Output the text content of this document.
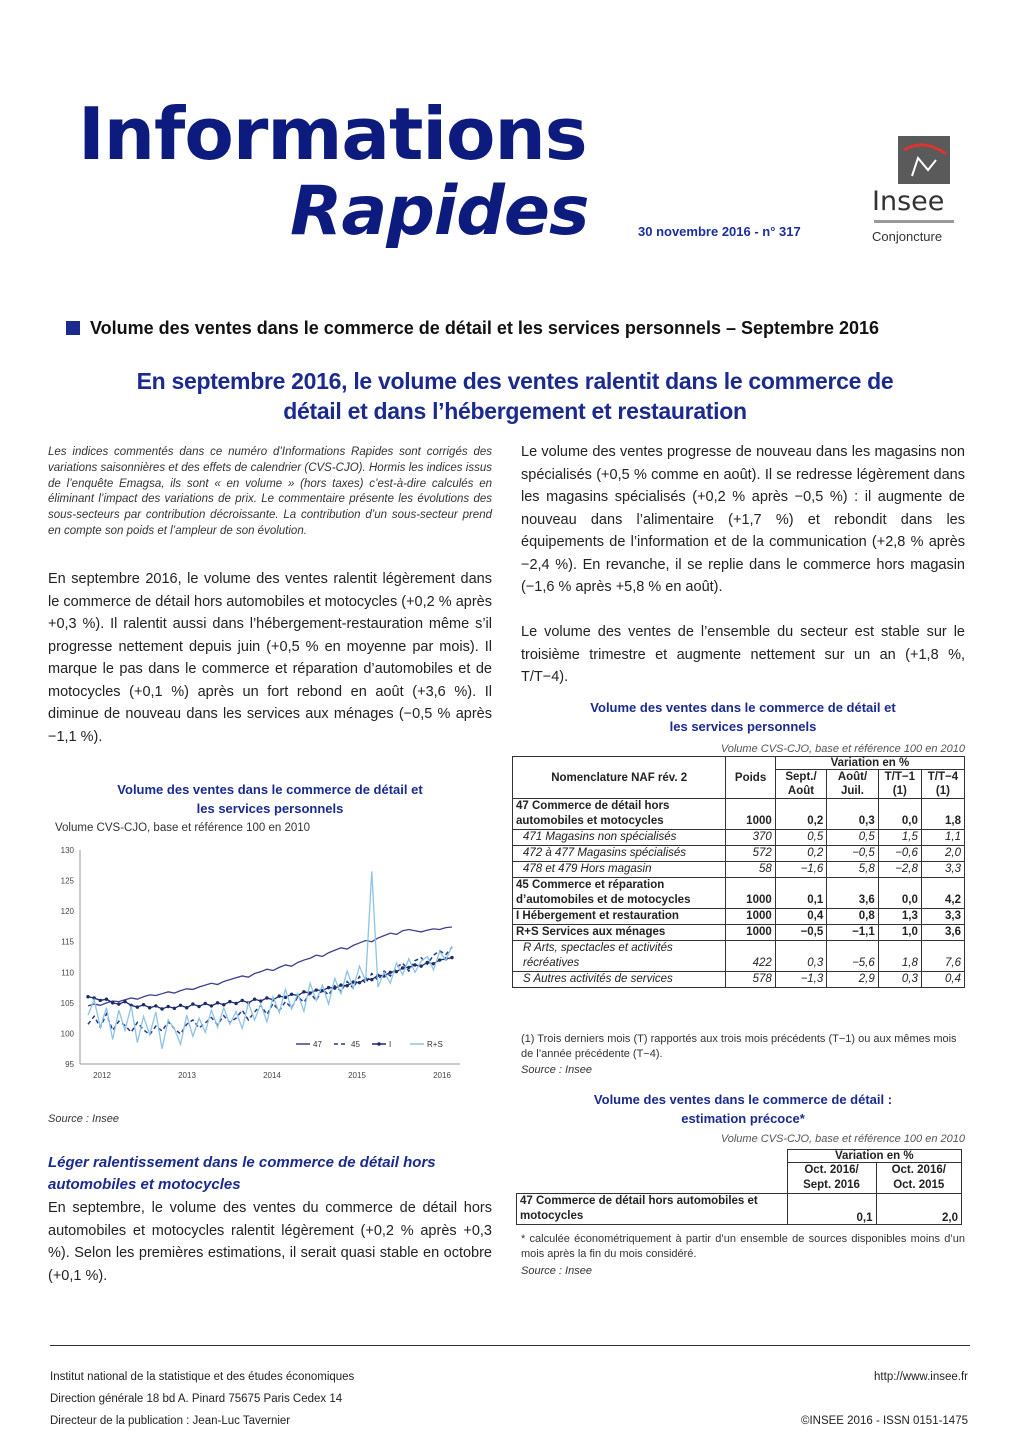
Informations
Rapides	30 novembre 2016 - n° 317
Insee
Conjoncture
Volume des ventes dans le commerce de détail et les services personnels – Septembre 2016
En septembre 2016, le volume des ventes ralentit dans le commerce de
détail et dans l’hébergement et restauration
Les indices commentés dans ce numéro d’Informations Rapides sont corrigés des variations saisonnières et des effets de calendrier (CVS-CJO). Hormis les indices issus de l’enquête Emagsa, ils sont « en volume » (hors taxes) c’est-à-dire calculés en éliminant l’impact des variations de prix. Le commentaire présente les évolutions des sous-secteurs par contribution décroissante. La contribution d’un sous-secteur prend en compte son poids et l’ampleur de son évolution.
En septembre 2016, le volume des ventes ralentit légèrement dans le commerce de détail hors automobiles et motocycles (+0,2 % après +0,3 %). Il ralentit aussi dans l’hébergement-restauration même s’il progresse nettement depuis juin (+0,5 % en moyenne par mois). Il marque le pas dans le commerce et réparation d’automobiles et de motocycles (+0,1 %) après un fort rebond en août (+3,6 %). Il diminue de nouveau dans les services aux ménages (−0,5 % après −1,1 %).
Volume des ventes dans le commerce de détail et
les services personnels
Volume CVS-CJO, base et référence 100 en 2010
95
100
105
110
115
120
125
130
2012	2013	2014	2015	2016
47	45	I	R+S
Source : Insee
Léger ralentissement dans le commerce de détail hors
automobiles et motocycles
En septembre, le volume des ventes du commerce de détail hors automobiles et motocycles ralentit légèrement (+0,2 % après +0,3 %). Selon les premières estimations, il serait quasi stable en octobre (+0,1 %).
Le volume des ventes progresse de nouveau dans les magasins non spécialisés (+0,5 % comme en août). Il se redresse légèrement dans les magasins spécialisés (+0,2 % après −0,5 %) : il augmente de nouveau dans l’alimentaire (+1,7 %) et rebondit dans les équipements de l’information et de la communication (+2,8 % après −2,4 %). En revanche, il se replie dans le commerce hors magasin (−1,6 % après +5,8 % en août).
Le volume des ventes de l’ensemble du secteur est stable sur le troisième trimestre et augmente nettement sur un an (+1,8 %, T/T−4).
Volume des ventes dans le commerce de détail et
les services personnels
Volume CVS-CJO, base et référence 100 en 2010
Nomenclature NAF rév. 2	Poids	Variation en %			
		Sept./ Août	Août/ Juil.	T/T−1 (1)	T/T−4 (1)
47 Commerce de détail hors automobiles et motocycles	1000	0,2	0,3	0,0	1,8
471 Magasins non spécialisés	370	0,5	0,5	1,5	1,1
472 à 477 Magasins spécialisés	572	0,2	−0,5	−0,6	2,0
478 et 479 Hors magasin	58	−1,6	5,8	−2,8	3,3
45 Commerce et réparation d’automobiles et de motocycles	1000	0,1	3,6	0,0	4,2
I Hébergement et restauration	1000	0,4	0,8	1,3	3,3
R+S Services aux ménages	1000	−0,5	−1,1	1,0	3,6
R Arts, spectacles et activités récréatives	422	0,3	−5,6	1,8	7,6
S Autres activités de services	578	−1,3	2,9	0,3	0,4
(1) Trois derniers mois (T) rapportés aux trois mois précédents (T−1) ou aux mêmes mois de l’année précédente (T−4).
Source : Insee
Volume des ventes dans le commerce de détail :
estimation précoce*
Volume CVS-CJO, base et référence 100 en 2010
	Variation en %	
	Oct. 2016/ Sept. 2016	Oct. 2016/ Oct. 2015
47 Commerce de détail hors automobiles et motocycles	0,1	2,0
* calculée économétriquement à partir d’un ensemble de sources disponibles moins d’un mois après la fin du mois considéré.
Source : Insee
Institut national de la statistique et des études économiques
Direction générale 18 bd A. Pinard 75675 Paris Cedex 14
Directeur de la publication : Jean-Luc Tavernier
http://www.insee.fr
©INSEE 2016 - ISSN 0151-1475
